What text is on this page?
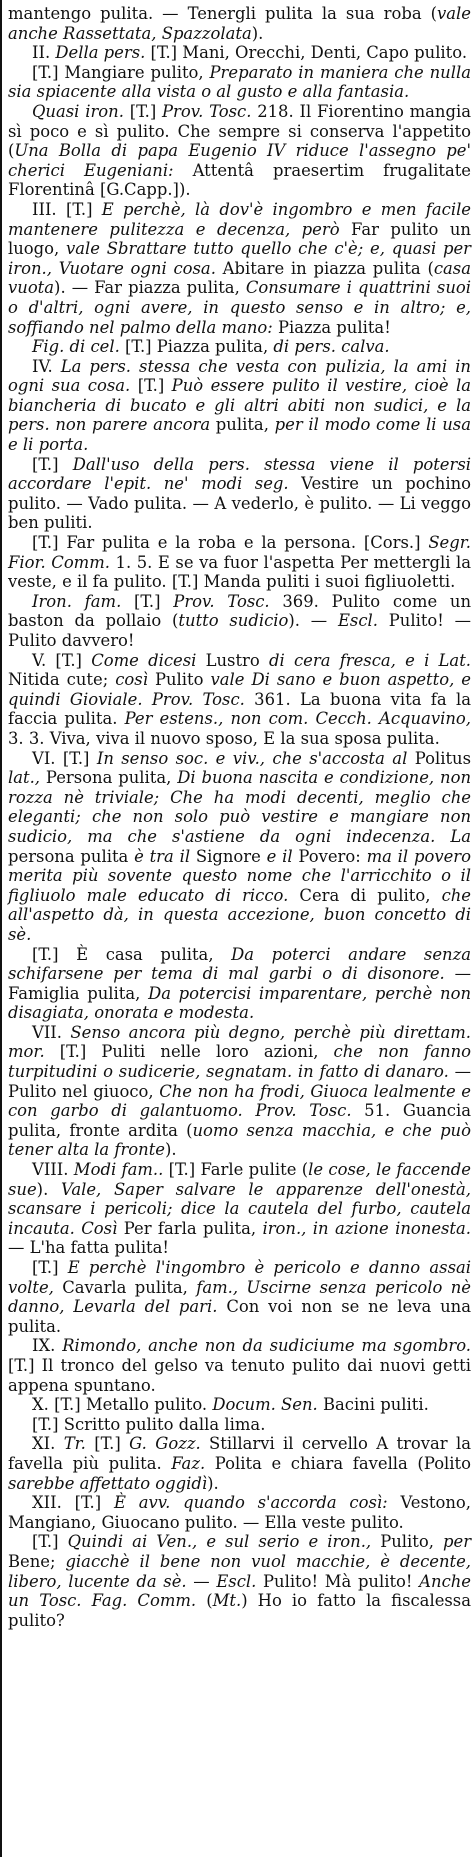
mantengo pulita. — Tenergli pulita la sua roba (vale anche Rassettata, Spazzolata).

II. Della pers. [T.] Mani, Orecchi, Denti, Capo pulito.

[T.] Mangiare pulito, Preparato in maniera che nulla sia spiacente alla vista o al gusto e alla fantasia.

Quasi iron. [T.] Prov. Tosc. 218. Il Fiorentino mangia sì poco e sì pulito. Che sempre si conserva l'appetito (Una Bolla di papa Eugenio IV riduce l'assegno pe' cherici Eugeniani: Attentâ praesertim frugalitate Florentinâ [G.Capp.]).

III. [T.] E perchè, là dov'è ingombro e men facile mantenere pulitezza e decenza, però Far pulito un luogo, vale Sbrattare tutto quello che c'è; e, quasi per iron., Vuotare ogni cosa. Abitare in piazza pulita (casa vuota). — Far piazza pulita, Consumare i quattrini suoi o d'altri, ogni avere, in questo senso e in altro; e, soffiando nel palmo della mano: Piazza pulita!

Fig. di cel. [T.] Piazza pulita, di pers. calva.

IV. La pers. stessa che vesta con pulizia, la ami in ogni sua cosa. [T.] Può essere pulito il vestire, cioè la biancheria di bucato e gli altri abiti non sudici, e la pers. non parere ancora pulita, per il modo come li usa e li porta.

[T.] Dall'uso della pers. stessa viene il potersi accordare l'epit. ne' modi seg. Vestire un pochino pulito. — Vado pulita. — A vederlo, è pulito. — Li veggo ben puliti.

[T.] Far pulita e la roba e la persona. [Cors.] Segr. Fior. Comm. 1. 5. E se va fuor l'aspetta Per mettergli la veste, e il fa pulito. [T.] Manda puliti i suoi figliuoletti.

Iron. fam. [T.] Prov. Tosc. 369. Pulito come un baston da pollaio (tutto sudicio). — Escl. Pulito! — Pulito davvero!

V. [T.] Come dicesi Lustro di cera fresca, e i Lat. Nitida cute; così Pulito vale Di sano e buon aspetto, e quindi Gioviale. Prov. Tosc. 361. La buona vita fa la faccia pulita. Per estens., non com. Cecch. Acquavino, 3. 3. Viva, viva il nuovo sposo, E la sua sposa pulita.

VI. [T.] In senso soc. e viv., che s'accosta al Politus lat., Persona pulita, Di buona nascita e condizione, non rozza nè triviale; Che ha modi decenti, meglio che eleganti; che non solo può vestire e mangiare non sudicio, ma che s'astiene da ogni indecenza. La persona pulita è tra il Signore e il Povero: ma il povero merita più sovente questo nome che l'arricchito o il figliuolo male educato di ricco. Cera di pulito, che all'aspetto dà, in questa accezione, buon concetto di sè.

[T.] È casa pulita, Da poterci andare senza schifarsene per tema di mal garbi o di disonore. — Famiglia pulita, Da potercisi imparentare, perchè non disagiata, onorata e modesta.

VII. Senso ancora più degno, perchè più direttam. mor. [T.] Puliti nelle loro azioni, che non fanno turpitudini o sudicerie, segnatam. in fatto di danaro. — Pulito nel giuoco, Che non ha frodi, Giuoca lealmente e con garbo di galantuomo. Prov. Tosc. 51. Guancia pulita, fronte ardita (uomo senza macchia, e che può tener alta la fronte).

VIII. Modi fam.. [T.] Farle pulite (le cose, le faccende sue). Vale, Saper salvare le apparenze dell'onestà, scansare i pericoli; dice la cautela del furbo, cautela incauta. Così Per farla pulita, iron., in azione inonesta. — L'ha fatta pulita!

[T.] E perchè l'ingombro è pericolo e danno assai volte, Cavarla pulita, fam., Uscirne senza pericolo nè danno, Levarla del pari. Con voi non se ne leva una pulita.

IX. Rimondo, anche non da sudiciume ma sgombro. [T.] Il tronco del gelso va tenuto pulito dai nuovi getti appena spuntano.

X. [T.] Metallo pulito. Docum. Sen. Bacini puliti.

[T.] Scritto pulito dalla lima.

XI. Tr. [T.] G. Gozz. Stillarvi il cervello A trovar la favella più pulita. Faz. Polita e chiara favella (Polito sarebbe affettato oggidì).

XII. [T.] È avv. quando s'accorda così: Vestono, Mangiano, Giuocano pulito. — Ella veste pulito.

[T.] Quindi ai Ven., e sul serio e iron., Pulito, per Bene; giacchè il bene non vuol macchie, è decente, libero, lucente da sè. — Escl. Pulito! Mà pulito! Anche un Tosc. Fag. Comm. (Mt.) Ho io fatto la fiscalessa pulito?
